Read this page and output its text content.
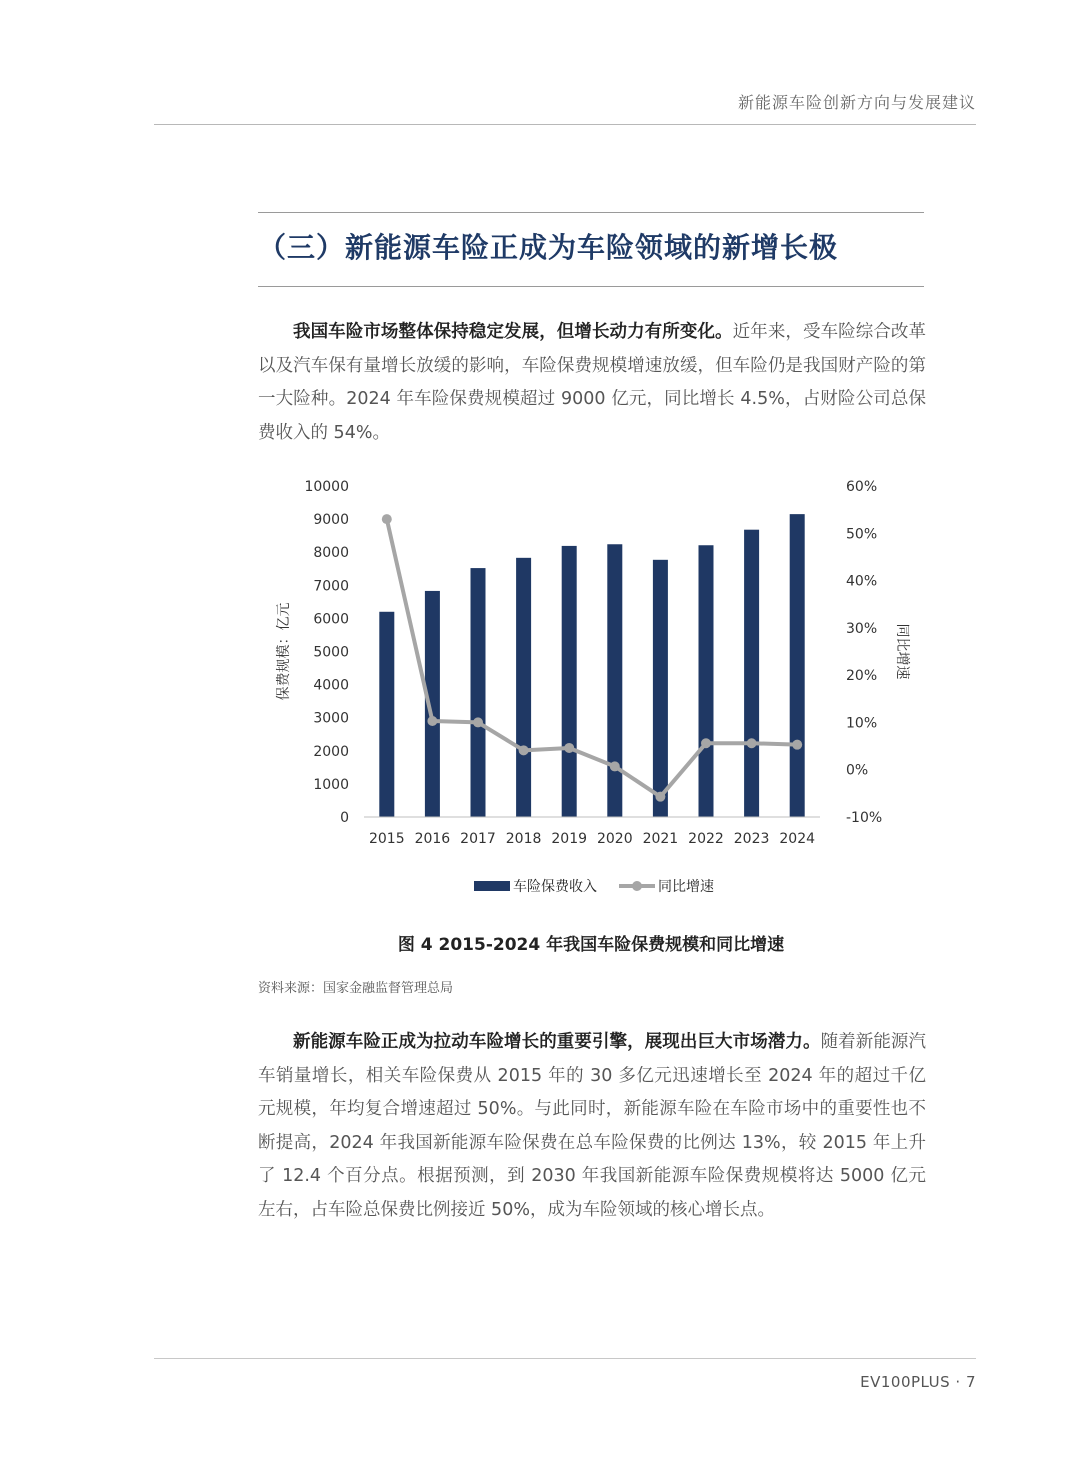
新能源车险创新方向与发展建议
（三）新能源车险正成为车险领域的新增长极
我国车险市场整体保持稳定发展，但增长动力有所变化。近年来，受车险综合改革以及汽车保有量增长放缓的影响，车险保费规模增速放缓，但车险仍是我国财产险的第一大险种。2024 年车险保费规模超过 9000 亿元，同比增长 4.5%，占财险公司总保费收入的 54%。
0
1000
2000
3000
4000
5000
6000
7000
8000
9000
10000
-10%
0%
10%
20%
30%
40%
50%
60%
保费规模：亿元	同比增速
2015 2016 2017 2018 2019 2020 2021 2022 2023 2024
车险保费收入	同比增速
图 4 2015-2024 年我国车险保费规模和同比增速
资料来源：国家金融监督管理总局
新能源车险正成为拉动车险增长的重要引擎，展现出巨大市场潜力。随着新能源汽车销量增长，相关车险保费从 2015 年的 30 多亿元迅速增长至 2024 年的超过千亿元规模，年均复合增速超过 50%。与此同时，新能源车险在车险市场中的重要性也不断提高，2024 年我国新能源车险保费在总车险保费的比例达 13%，较 2015 年上升了 12.4 个百分点。根据预测，到 2030 年我国新能源车险保费规模将达 5000 亿元左右，占车险总保费比例接近 50%，成为车险领域的核心增长点。
EV100PLUS · 7
